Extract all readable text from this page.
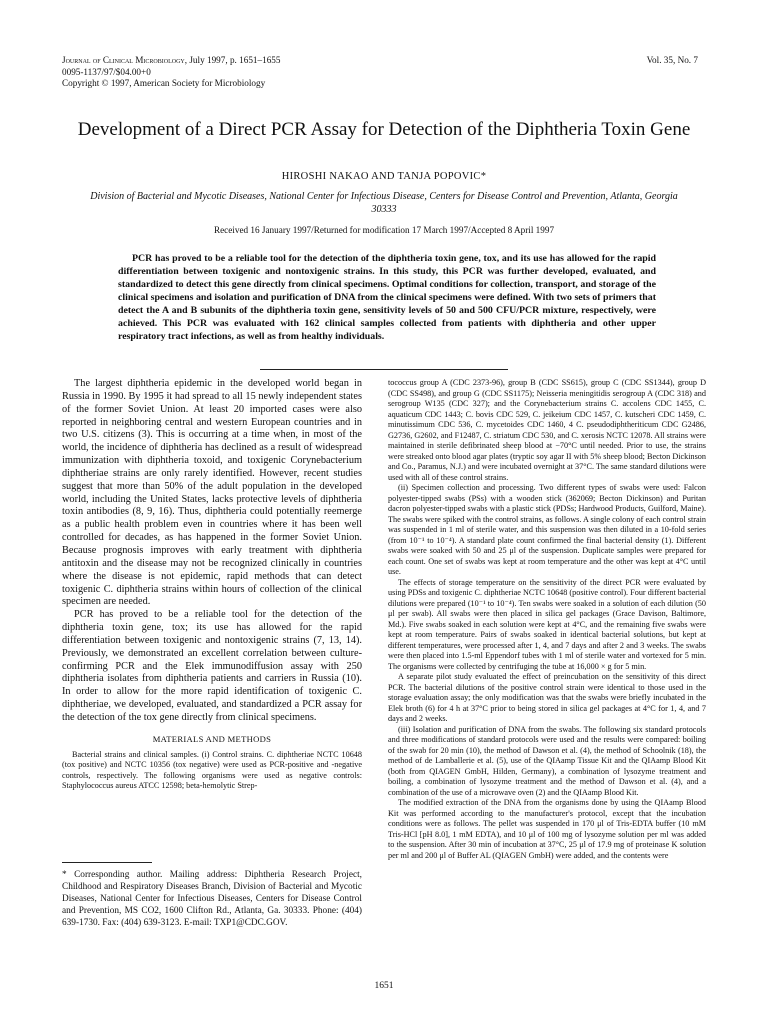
Journal of Clinical Microbiology, July 1997, p. 1651–1655
0095-1137/97/$04.00+0
Copyright © 1997, American Society for Microbiology
Vol. 35, No. 7
Development of a Direct PCR Assay for Detection of the Diphtheria Toxin Gene
HIROSHI NAKAO AND TANJA POPOVIC*
Division of Bacterial and Mycotic Diseases, National Center for Infectious Disease, Centers for Disease Control and Prevention, Atlanta, Georgia 30333
Received 16 January 1997/Returned for modification 17 March 1997/Accepted 8 April 1997

PCR has proved to be a reliable tool for the detection of the diphtheria toxin gene, tox, and its use has allowed for the rapid differentiation between toxigenic and nontoxigenic strains. In this study, this PCR was further developed, evaluated, and standardized to detect this gene directly from clinical specimens. Optimal conditions for collection, transport, and storage of the clinical specimens and isolation and purification of DNA from the clinical specimens were defined. With two sets of primers that detect the A and B subunits of the diphtheria toxin gene, sensitivity levels of 50 and 500 CFU/PCR mixture, respectively, were achieved. This PCR was evaluated with 162 clinical samples collected from patients with diphtheria and other upper respiratory tract infections, as well as from healthy individuals.

The largest diphtheria epidemic in the developed world began in Russia in 1990. By 1995 it had spread to all 15 newly independent states of the former Soviet Union. At least 20 imported cases were also reported in neighboring central and western European countries and in two U.S. citizens (3). This is occurring at a time when, in most of the world, the incidence of diphtheria has declined as a result of widespread immunization with diphtheria toxoid, and toxigenic Corynebacterium diphtheriae strains are only rarely identified. However, recent studies suggest that more than 50% of the adult population in the developed world, including the United States, lacks protective levels of diphtheria toxin antibodies (8, 9, 16). Thus, diphtheria could potentially reemerge as a public health problem even in countries where it has been well controlled for decades, as has happened in the former Soviet Union. Because prognosis improves with early treatment with diphtheria antitoxin and the disease may not be recognized clinically in countries where the disease is not epidemic, rapid methods that can detect toxigenic C. diphtheria strains within hours of collection of the clinical specimen are needed.

PCR has proved to be a reliable tool for the detection of the diphtheria toxin gene, tox; its use has allowed for the rapid differentiation between toxigenic and nontoxigenic strains (7, 13, 14). Previously, we demonstrated an excellent correlation between culture-confirming PCR and the Elek immunodiffusion assay with 250 diphtheria isolates from diphtheria patients and carriers in Russia (10). In order to allow for the more rapid identification of toxigenic C. diphtheriae, we developed, evaluated, and standardized a PCR assay for the detection of the tox gene directly from clinical specimens.

MATERIALS AND METHODS

Bacterial strains and clinical samples. (i) Control strains. C. diphtheriae NCTC 10648 (tox positive) and NCTC 10356 (tox negative) were used as PCR-positive and -negative controls, respectively. The following organisms were used as negative controls: Staphylococcus aureus ATCC 12598; beta-hemolytic Strep-

* Corresponding author. Mailing address: Diphtheria Research Project, Childhood and Respiratory Diseases Branch, Division of Bacterial and Mycotic Diseases, National Center for Infectious Diseases, Centers for Disease Control and Prevention, MS CO2, 1600 Clifton Rd., Atlanta, Ga. 30333. Phone: (404) 639-1730. Fax: (404) 639-3123. E-mail: TXP1@CDC.GOV.

tococcus group A (CDC 2373-96), group B (CDC SS615), group C (CDC SS1344), group D (CDC SS498), and group G (CDC SS1175); Neisseria meningitidis serogroup A (CDC 318) and serogroup W135 (CDC 327); and the Corynebacterium strains C. accolens CDC 1455, C. aquaticum CDC 1443; C. bovis CDC 529, C. jeikeium CDC 1457, C. kutscheri CDC 1459, C. minutissimum CDC 536, C. mycetoides CDC 1460, 4 C. pseudodiphtheriticum CDC G2486, G2736, G2602, and F12487, C. striatum CDC 530, and C. xerosis NCTC 12078. All strains were maintained in sterile defibrinated sheep blood at −70°C until needed. Prior to use, the strains were streaked onto blood agar plates (tryptic soy agar II with 5% sheep blood; Becton Dickinson and Co., Paramus, N.J.) and were incubated overnight at 37°C. The same standard dilutions were used with all of these control strains.

(ii) Specimen collection and processing. Two different types of swabs were used: Falcon polyester-tipped swabs (PSs) with a wooden stick (362069; Becton Dickinson) and Puritan dacron polyester-tipped swabs with a plastic stick (PDSs; Hardwood Products, Guilford, Maine). The swabs were spiked with the control strains, as follows. A single colony of each control strain was suspended in 1 ml of sterile water, and this suspension was then diluted in a 10-fold series (from 10⁻¹ to 10⁻⁴). A standard plate count confirmed the final bacterial density (1). Different swabs were soaked with 50 and 25 μl of the suspension. Duplicate samples were prepared for each count. One set of swabs was kept at room temperature and the other was kept at 4°C until use.

The effects of storage temperature on the sensitivity of the direct PCR were evaluated by using PDSs and toxigenic C. diphtheriae NCTC 10648 (positive control). Four different bacterial dilutions were prepared (10⁻¹ to 10⁻⁴). Ten swabs were soaked in a solution of each dilution (50 μl per swab). All swabs were then placed in silica gel packages (Grace Davison, Baltimore, Md.). Five swabs soaked in each solution were kept at 4°C, and the remaining five swabs were kept at room temperature. Pairs of swabs soaked in identical bacterial solutions, but kept at different temperatures, were processed after 1, 4, and 7 days and after 2 and 3 weeks. The swabs were then placed into 1.5-ml Eppendorf tubes with 1 ml of sterile water and vortexed for 5 min. The organisms were collected by centrifuging the tube at 16,000 × g for 5 min.

A separate pilot study evaluated the effect of preincubation on the sensitivity of this direct PCR. The bacterial dilutions of the positive control strain were identical to those used in the storage evaluation assay; the only modification was that the swabs were briefly incubated in the Elek broth (6) for 4 h at 37°C prior to being stored in silica gel packages at 4°C for 1, 4, and 7 days and 2 weeks.

(iii) Isolation and purification of DNA from the swabs. The following six standard protocols and three modifications of standard protocols were used and the results were compared: boiling of the swab for 20 min (10), the method of Dawson et al. (4), the method of Schoolnik (18), the method of de Lamballerie et al. (5), use of the QIAamp Tissue Kit and the QIAamp Blood Kit (both from QIAGEN GmbH, Hilden, Germany), a combination of lysozyme treatment and boiling, a combination of lysozyme treatment and the method of Dawson et al. (4), and a combination of the use of a microwave oven (2) and the QIAamp Blood Kit.

The modified extraction of the DNA from the organisms done by using the QIAamp Blood Kit was performed according to the manufacturer's protocol, except that the incubation conditions were as follows. The pellet was suspended in 170 μl of Tris-EDTA buffer (10 mM Tris-HCl [pH 8.0], 1 mM EDTA), and 10 μl of 100 mg of lysozyme solution per ml was added to the suspension. After 30 min of incubation at 37°C, 25 μl of 17.9 mg of proteinase K solution per ml and 200 μl of Buffer AL (QIAGEN GmbH) were added, and the contents were

1651
